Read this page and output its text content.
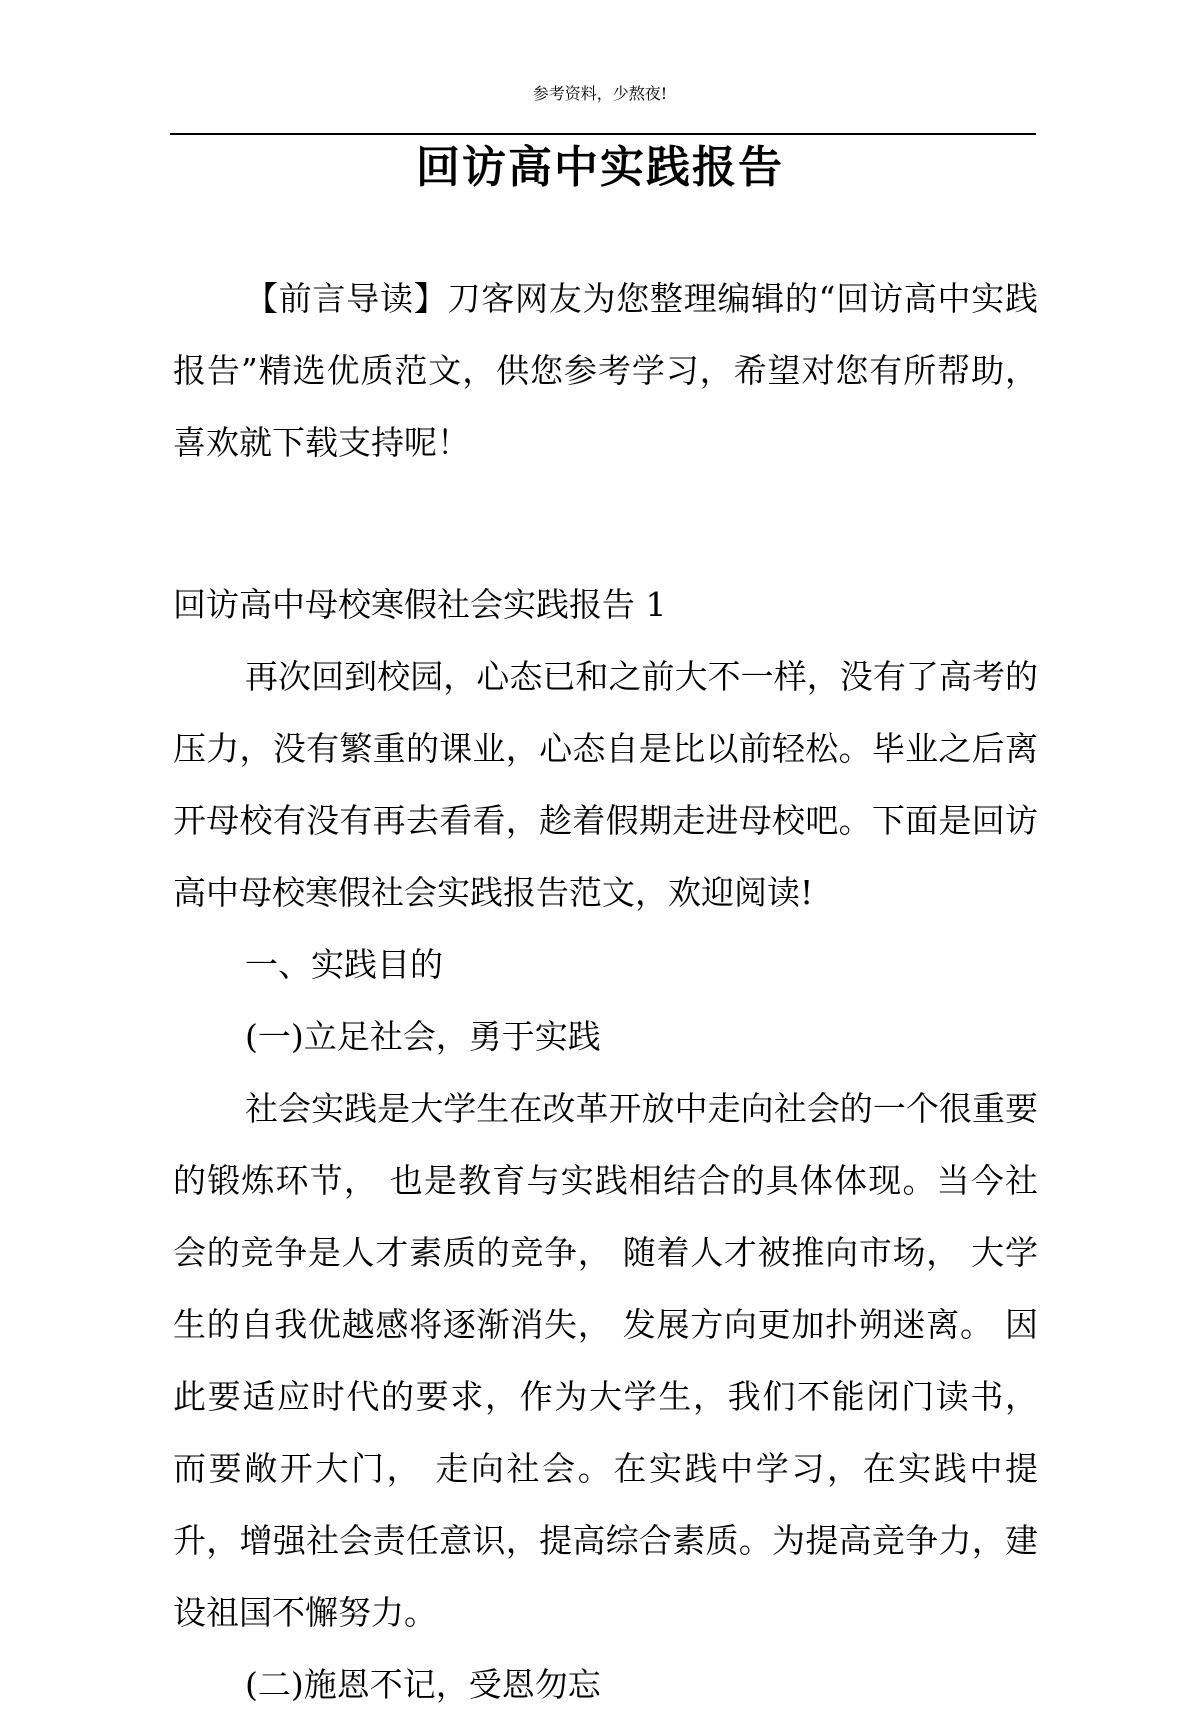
参考资料，少熬夜!
回访高中实践报告

【前言导读】刀客网友为您整理编辑的“回访高中实践报告”精选优质范文，供您参考学习，希望对您有所帮助，喜欢就下载支持呢！

回访高中母校寒假社会实践报告 1

再次回到校园，心态已和之前大不一样，没有了高考的压力，没有繁重的课业，心态自是比以前轻松。毕业之后离开母校有没有再去看看，趁着假期走进母校吧。下面是回访高中母校寒假社会实践报告范文，欢迎阅读!

一、实践目的

(一)立足社会，勇于实践

社会实践是大学生在改革开放中走向社会的一个很重要的锻炼环节， 也是教育与实践相结合的具体体现。当今社会的竞争是人才素质的竞争， 随着人才被推向市场， 大学生的自我优越感将逐渐消失， 发展方向更加扑朔迷离。 因此要适应时代的要求，作为大学生，我们不能闭门读书， 而要敞开大门， 走向社会。在实践中学习，在实践中提升，增强社会责任意识，提高综合素质。为提高竞争力，建设祖国不懈努力。

(二)施恩不记，受恩勿忘
